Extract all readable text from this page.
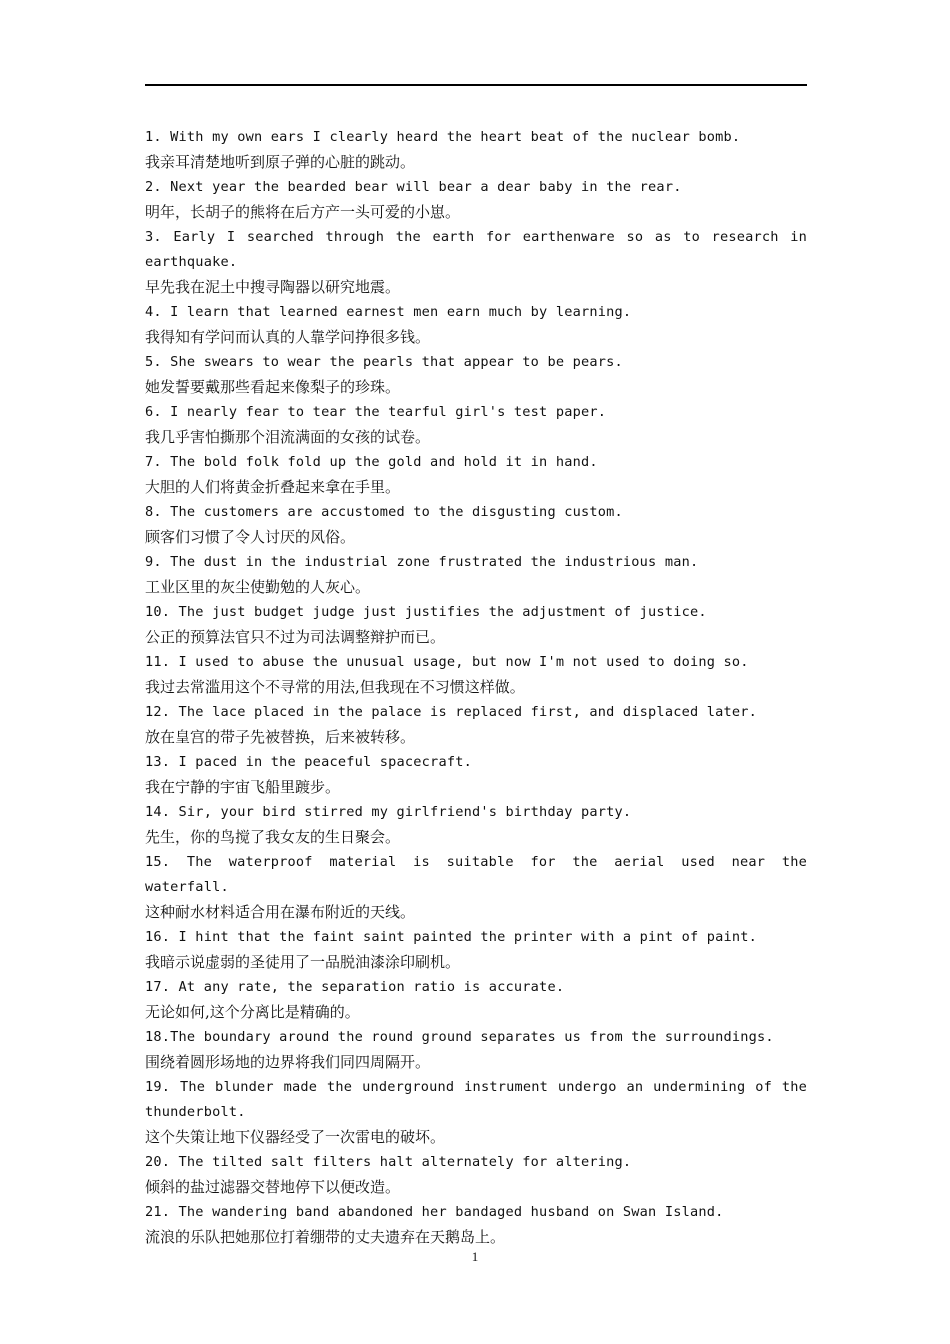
1. With my own ears I clearly heard the heart beat of the nuclear bomb.
我亲耳清楚地听到原子弹的心脏的跳动。
2. Next year the bearded bear will bear a dear baby in the rear.
明年，长胡子的熊将在后方产一头可爱的小崽。
3. Early I searched through the earth for earthenware so as to research in earthquake.
早先我在泥土中搜寻陶器以研究地震。
4. I learn that learned earnest men earn much by learning.
我得知有学问而认真的人靠学问挣很多钱。
5. She swears to wear the pearls that appear to be pears.
她发誓要戴那些看起来像梨子的珍珠。
6. I nearly fear to tear the tearful girl's test paper.
我几乎害怕撕那个泪流满面的女孩的试卷。
7. The bold folk fold up the gold and hold it in hand.
大胆的人们将黄金折叠起来拿在手里。
8. The customers are accustomed to the disgusting custom.
顾客们习惯了令人讨厌的风俗。
9. The dust in the industrial zone frustrated the industrious man.
工业区里的灰尘使勤勉的人灰心。
10. The just budget judge just justifies the adjustment of justice.
公正的预算法官只不过为司法调整辩护而已。
11. I used to abuse the unusual usage, but now I'm not used to doing so.
我过去常滥用这个不寻常的用法,但我现在不习惯这样做。
12. The lace placed in the palace is replaced first, and displaced later.
放在皇宫的带子先被替换，后来被转移。
13. I paced in the peaceful spacecraft.
我在宁静的宇宙飞船里踱步。
14. Sir, your bird stirred my girlfriend's birthday party.
先生，你的鸟搅了我女友的生日聚会。
15. The waterproof material is suitable for the aerial used near the waterfall.
这种耐水材料适合用在瀑布附近的天线。
16. I hint that the faint saint painted the printer with a pint of paint.
我暗示说虚弱的圣徒用了一品脱油漆涂印刷机。
17. At any rate, the separation ratio is accurate.
无论如何,这个分离比是精确的。
18.The boundary around the round ground separates us from the surroundings.
围绕着圆形场地的边界将我们同四周隔开。
19. The blunder made the underground instrument undergo an undermining of the thunderbolt.
这个失策让地下仪器经受了一次雷电的破坏。
20. The tilted salt filters halt alternately for altering.
倾斜的盐过滤器交替地停下以便改造。
21. The wandering band abandoned her bandaged husband on Swan Island.
流浪的乐队把她那位打着绷带的丈夫遗弃在天鹅岛上。
1
